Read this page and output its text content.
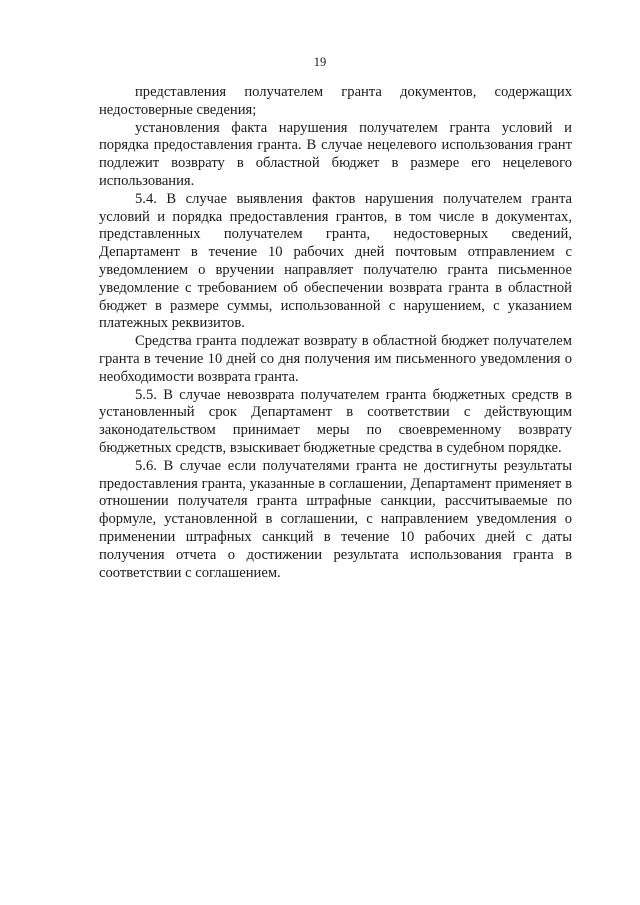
19

представления получателем гранта документов, содержащих недостоверные сведения;

установления факта нарушения получателем гранта условий и порядка предоставления гранта. В случае нецелевого использования грант подлежит возврату в областной бюджет в размере его нецелевого использования.

5.4. В случае выявления фактов нарушения получателем гранта условий и порядка предоставления грантов, в том числе в документах, представленных получателем гранта, недостоверных сведений, Департамент в течение 10 рабочих дней почтовым отправлением с уведомлением о вручении направляет получателю гранта письменное уведомление с требованием об обеспечении возврата гранта в областной бюджет в размере суммы, использованной с нарушением, с указанием платежных реквизитов.

Средства гранта подлежат возврату в областной бюджет получателем гранта в течение 10 дней со дня получения им письменного уведомления о необходимости возврата гранта.

5.5. В случае невозврата получателем гранта бюджетных средств в установленный срок Департамент в соответствии с действующим законодательством принимает меры по своевременному возврату бюджетных средств, взыскивает бюджетные средства в судебном порядке.

5.6. В случае если получателями гранта не достигнуты результаты предоставления гранта, указанные в соглашении, Департамент применяет в отношении получателя гранта штрафные санкции, рассчитываемые по формуле, установленной в соглашении, с направлением уведомления о применении штрафных санкций в течение 10 рабочих дней с даты получения отчета о достижении результата использования гранта в соответствии с соглашением.
